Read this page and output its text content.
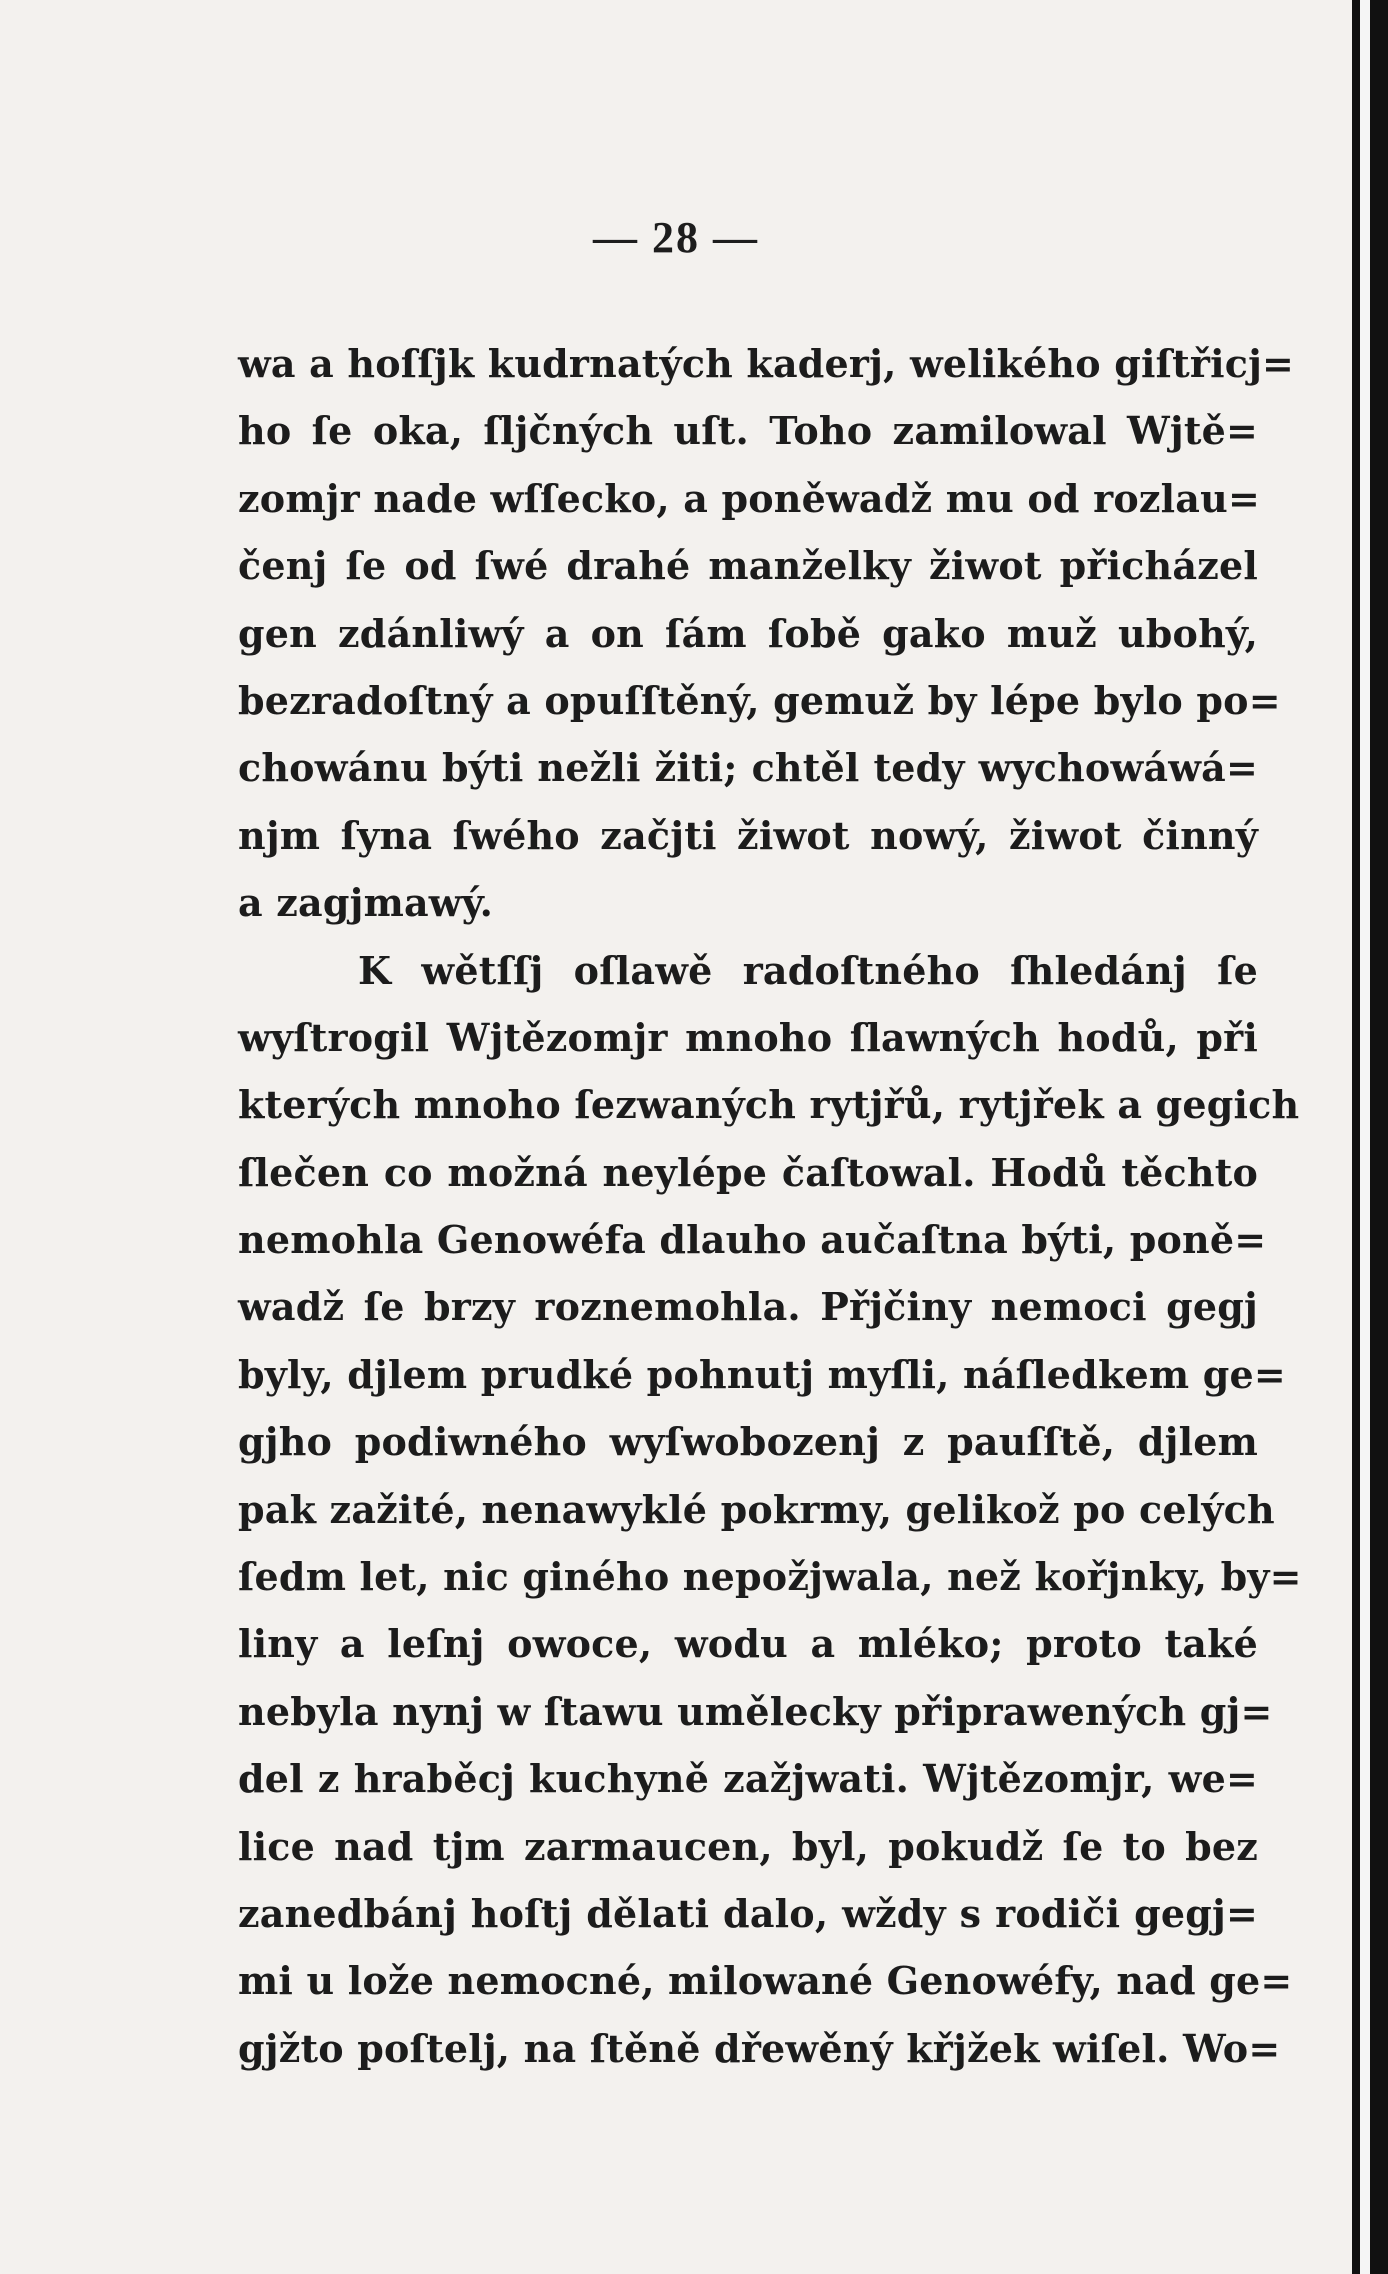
— 28 —
wa a hoſſjk kudrnatých kaderj, welikého giſtřicj=
ho ſe oka, ſljčných uſt. Toho zamilowal Wjtě=
zomjr nade wſſecko, a poněwadž mu od rozlau=
čenj ſe od ſwé drahé manželky žiwot přicházel
gen zdánliwý a on ſám ſobě gako muž ubohý,
bezradoſtný a opuſſtěný, gemuž by lépe bylo po=
chowánu býti nežli žiti; chtěl tedy wychowáwá=
njm ſyna ſwého začjti žiwot nowý, žiwot činný
a zagjmawý.
K wětſſj oſlawě radoſtného ſhledánj ſe
wyſtrogil Wjtězomjr mnoho ſlawných hodů, při
kterých mnoho ſezwaných rytjřů, rytjřek a gegich
ſlečen co možná neylépe čaſtowal. Hodů těchto
nemohla Genowéfa dlauho aučaſtna býti, poně=
wadž ſe brzy roznemohla. Přjčiny nemoci gegj
byly, djlem prudké pohnutj myſli, náſledkem ge=
gjho podiwného wyſwobozenj z pauſſtě, djlem
pak zažité, nenawyklé pokrmy, gelikož po celých
ſedm let, nic giného nepožjwala, než kořjnky, by=
liny a leſnj owoce, wodu a mléko; proto také
nebyla nynj w ſtawu umělecky připrawených gj=
del z hraběcj kuchyně zažjwati. Wjtězomjr, we=
lice nad tjm zarmaucen, byl, pokudž ſe to bez
zanedbánj hoſtj dělati dalo, wždy s rodiči gegj=
mi u lože nemocné, milowané Genowéfy, nad ge=
gjžto poſtelj, na ſtěně dřewěný křjžek wiſel. Wo=
